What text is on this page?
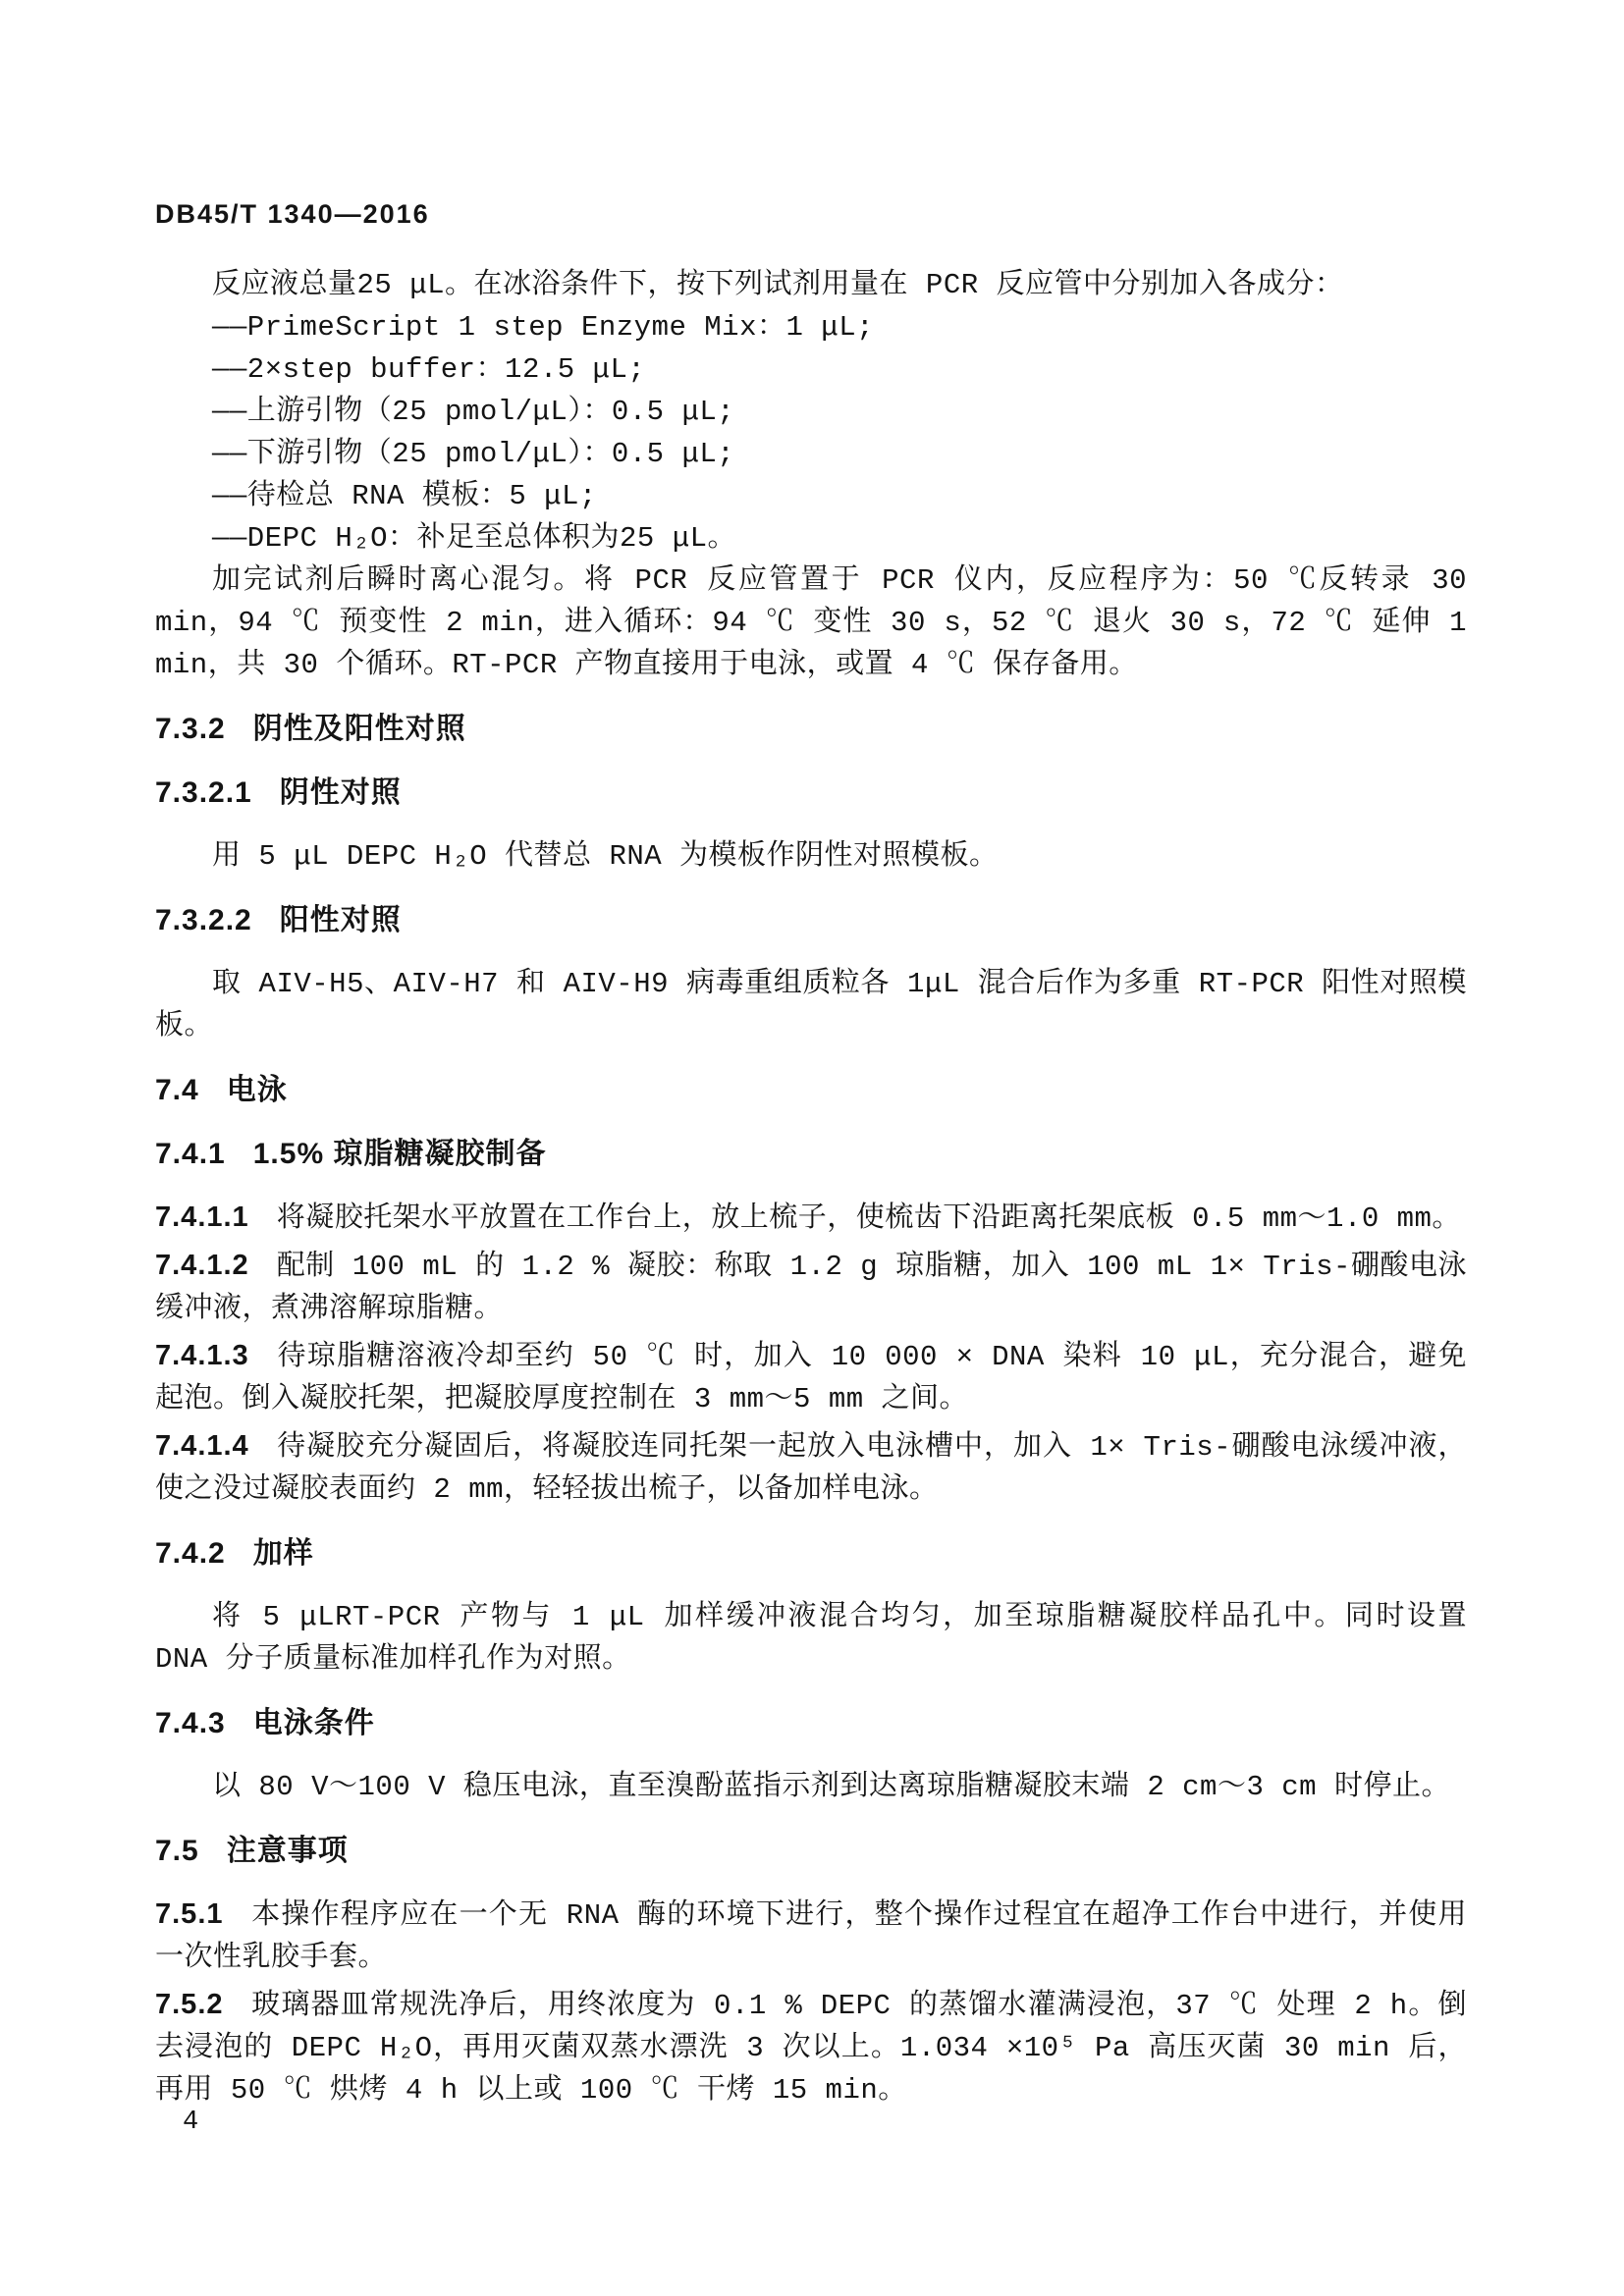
DB45/T 1340—2016

反应液总量25 μL。在冰浴条件下，按下列试剂用量在 PCR 反应管中分别加入各成分：

——PrimeScript 1 step Enzyme Mix：1 μL;

——2×step buffer：12.5 μL;

——上游引物（25 pmol/μL）：0.5 μL;

——下游引物（25 pmol/μL）：0.5 μL;

——待检总 RNA 模板：5 μL;

——DEPC H₂O：补足至总体积为25 μL。

加完试剂后瞬时离心混匀。将 PCR 反应管置于 PCR 仪内，反应程序为：50 ℃反转录 30 min，94 ℃ 预变性 2 min，进入循环：94 ℃ 变性 30 s，52 ℃ 退火 30 s，72 ℃ 延伸 1 min，共 30 个循环。RT-PCR 产物直接用于电泳，或置 4 ℃ 保存备用。

7.3.2 阴性及阳性对照
7.3.2.1 阴性对照

用 5 μL DEPC H₂O 代替总 RNA 为模板作阴性对照模板。

7.3.2.2 阳性对照

取 AIV-H5、AIV-H7 和 AIV-H9 病毒重组质粒各 1μL 混合后作为多重 RT-PCR 阳性对照模板。

7.4 电泳
7.4.1 1.5% 琼脂糖凝胶制备

7.4.1.1 将凝胶托架水平放置在工作台上，放上梳子，使梳齿下沿距离托架底板 0.5 mm～1.0 mm。

7.4.1.2 配制 100 mL 的 1.2 % 凝胶：称取 1.2 g 琼脂糖，加入 100 mL 1× Tris-硼酸电泳缓冲液，煮沸溶解琼脂糖。

7.4.1.3 待琼脂糖溶液冷却至约 50 ℃ 时，加入 10 000 × DNA 染料 10 μL，充分混合，避免起泡。倒入凝胶托架，把凝胶厚度控制在 3 mm～5 mm 之间。

7.4.1.4 待凝胶充分凝固后，将凝胶连同托架一起放入电泳槽中，加入 1× Tris-硼酸电泳缓冲液，使之没过凝胶表面约 2 mm，轻轻拔出梳子，以备加样电泳。

7.4.2 加样

将 5 μLRT-PCR 产物与 1 μL 加样缓冲液混合均匀，加至琼脂糖凝胶样品孔中。同时设置 DNA 分子质量标准加样孔作为对照。

7.4.3 电泳条件

以 80 V～100 V 稳压电泳，直至溴酚蓝指示剂到达离琼脂糖凝胶末端 2 cm～3 cm 时停止。

7.5 注意事项

7.5.1 本操作程序应在一个无 RNA 酶的环境下进行，整个操作过程宜在超净工作台中进行，并使用一次性乳胶手套。

7.5.2 玻璃器皿常规洗净后，用终浓度为 0.1 % DEPC 的蒸馏水灌满浸泡，37 ℃ 处理 2 h。倒去浸泡的 DEPC H₂O，再用灭菌双蒸水漂洗 3 次以上。1.034 ×10⁵ Pa 高压灭菌 30 min 后，再用 50 ℃ 烘烤 4 h 以上或 100 ℃ 干烤 15 min。

4
